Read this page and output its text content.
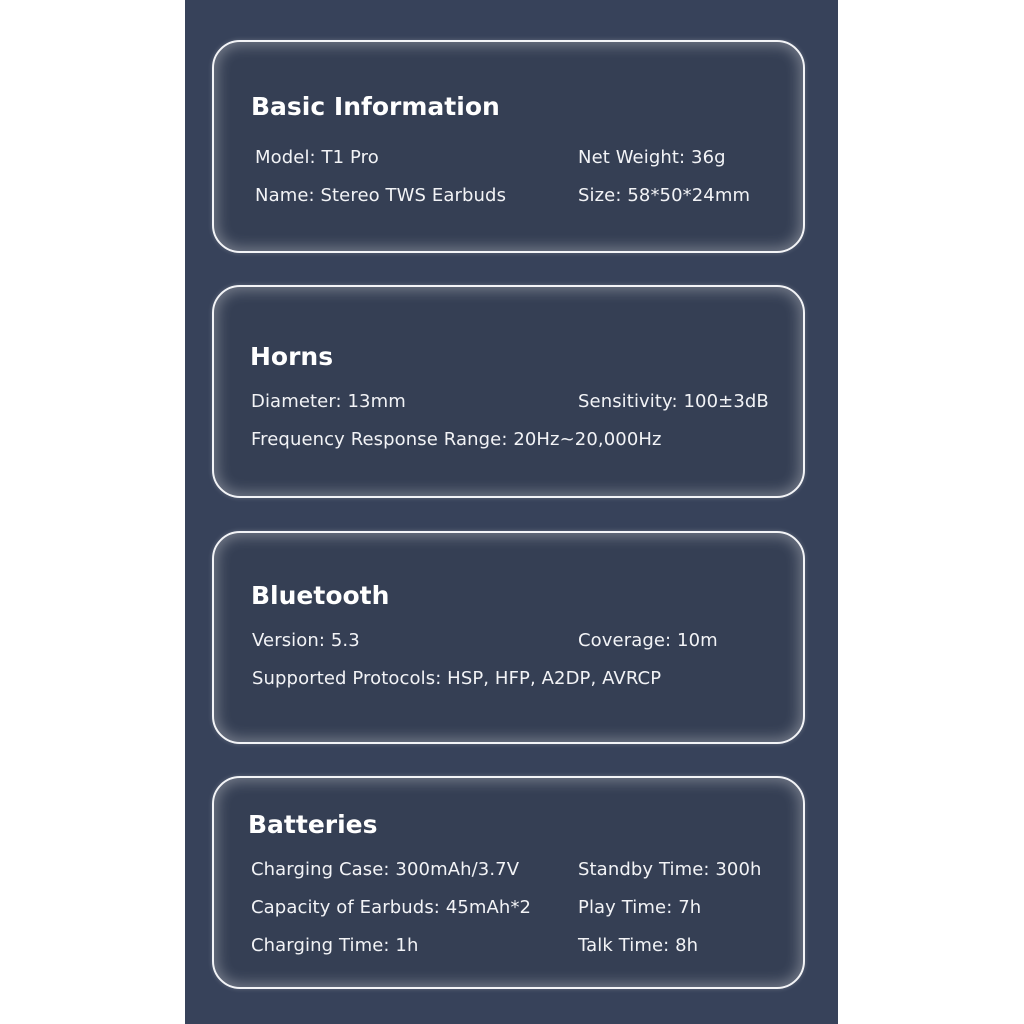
Basic Information
Model: T1 Pro	Net Weight: 36g
Name: Stereo TWS Earbuds	Size: 58*50*24mm
Horns
Diameter: 13mm	Sensitivity: 100±3dB
Frequency Response Range: 20Hz~20,000Hz
Bluetooth
Version: 5.3	Coverage: 10m
Supported Protocols: HSP, HFP, A2DP, AVRCP
Batteries
Charging Case: 300mAh/3.7V	Standby Time: 300h
Capacity of Earbuds: 45mAh*2	Play Time: 7h
Charging Time: 1h	Talk Time: 8h
